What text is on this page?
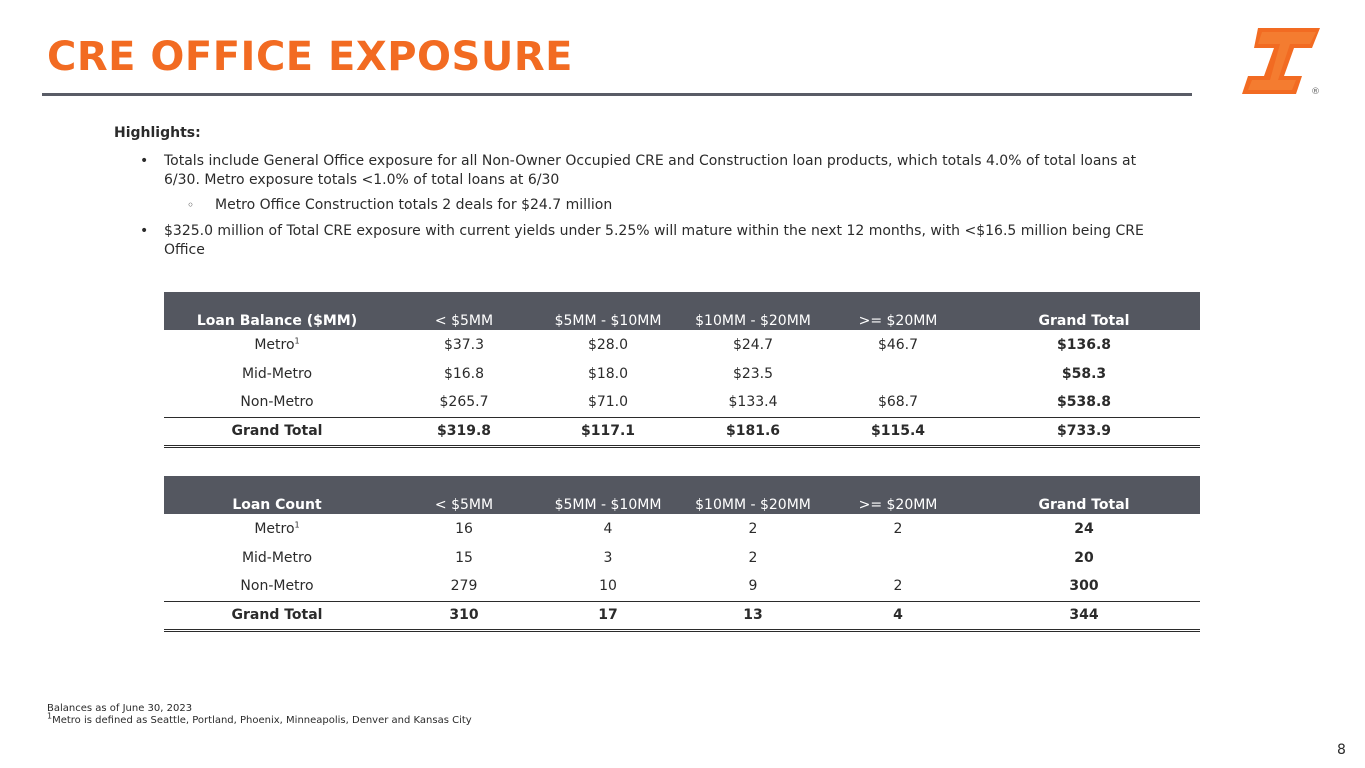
CRE OFFICE EXPOSURE
®
Highlights:
• Totals include General Office exposure for all Non-Owner Occupied CRE and Construction loan products, which totals 4.0% of total loans at 6/30. Metro exposure totals <1.0% of total loans at 6/30
◦ Metro Office Construction totals 2 deals for $24.7 million
• $325.0 million of Total CRE exposure with current yields under 5.25% will mature within the next 12 months, with <$16.5 million being CRE Office
Loan Balance ($MM)	< $5MM	$5MM - $10MM	$10MM - $20MM	>= $20MM	Grand Total
Metro$^1$	$37.3	$28.0	$24.7	$46.7	$136.8
Mid-Metro	$16.8	$18.0	$23.5		$58.3
Non-Metro	$265.7	$71.0	$133.4	$68.7	$538.8
Grand Total	$319.8	$117.1	$181.6	$115.4	$733.9
Loan Count	< $5MM	$5MM - $10MM	$10MM - $20MM	>= $20MM	Grand Total
Metro$^1$	16	4	2	2	24
Mid-Metro	15	3	2		20
Non-Metro	279	10	9	2	300
Grand Total	310	17	13	4	344
Balances as of June 30, 2023
$^1$Metro is defined as Seattle, Portland, Phoenix, Minneapolis, Denver and Kansas City
8
